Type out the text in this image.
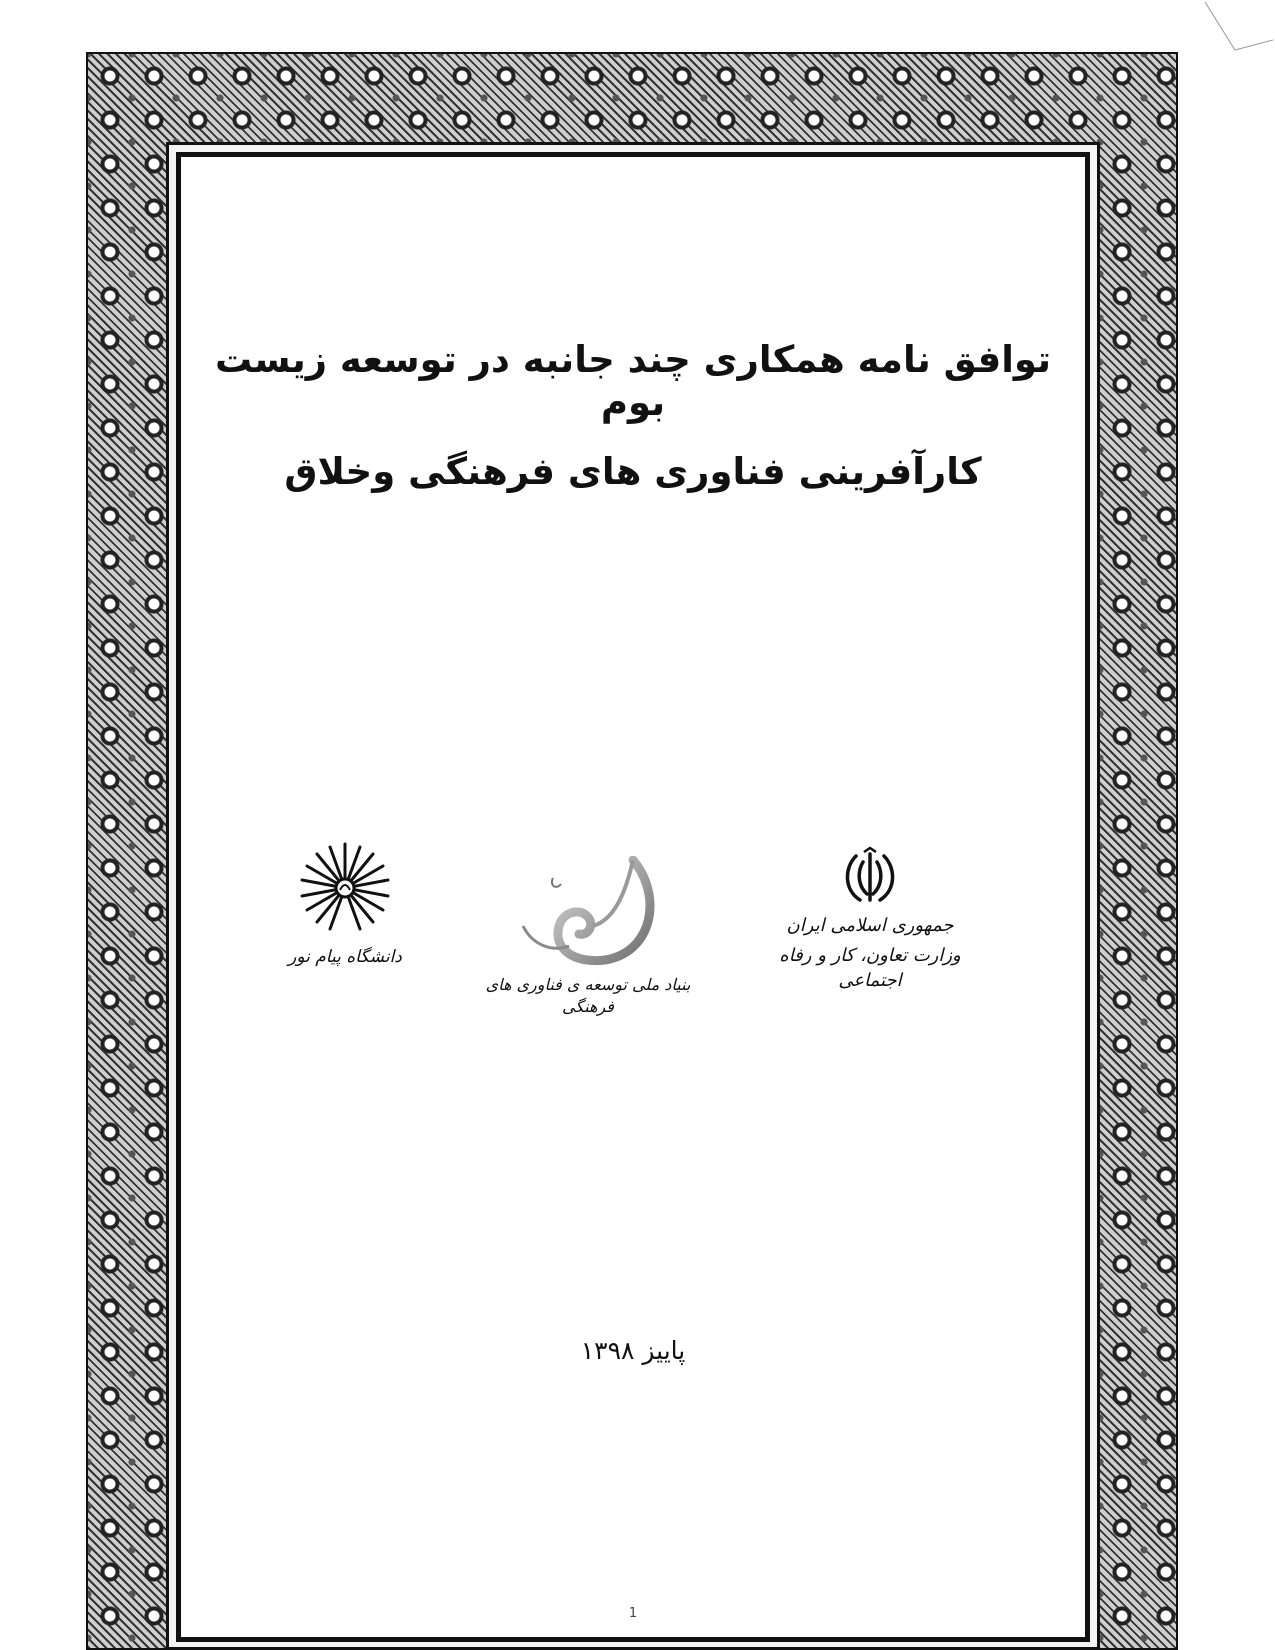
توافق نامه همکاری چند جانبه در توسعه زیست بوم
کارآفرینی فناوری های فرهنگی وخلاق
دانشگاه پیام نور
بنیاد ملی توسعه ی فناوری های فرهنگی
جمهوری اسلامی ایران
وزارت تعاون، کار و رفاه اجتماعی
پاییز ۱۳۹۸
1
